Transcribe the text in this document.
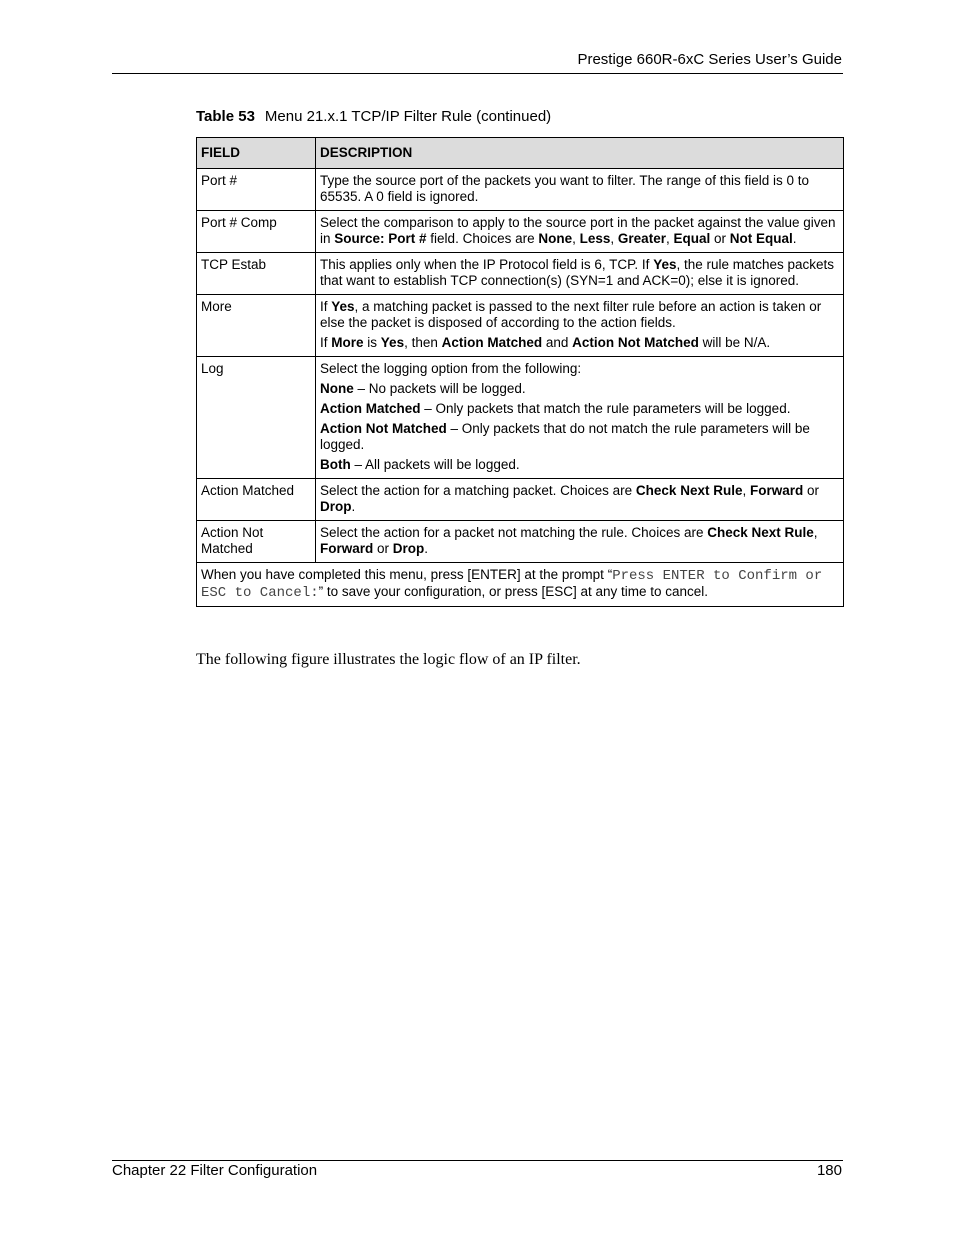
Prestige 660R-6xC Series User’s Guide
Table 53 Menu 21.x.1 TCP/IP Filter Rule (continued)
FIELD	DESCRIPTION
Port #	Type the source port of the packets you want to filter. The range of this field is 0 to 65535. A 0 field is ignored.
Port # Comp	Select the comparison to apply to the source port in the packet against the value given in Source: Port # field. Choices are None, Less, Greater, Equal or Not Equal.
TCP Estab	This applies only when the IP Protocol field is 6, TCP. If Yes, the rule matches packets that want to establish TCP connection(s) (SYN=1 and ACK=0); else it is ignored.
More	If Yes, a matching packet is passed to the next filter rule before an action is taken or else the packet is disposed of according to the action fields.

If More is Yes, then Action Matched and Action Not Matched will be N/A.

Log	Select the logging option from the following:

None – No packets will be logged.

Action Matched – Only packets that match the rule parameters will be logged.

Action Not Matched – Only packets that do not match the rule parameters will be logged.

Both – All packets will be logged.

Action Matched	Select the action for a matching packet. Choices are Check Next Rule, Forward or Drop.
Action Not Matched	Select the action for a packet not matching the rule. Choices are Check Next Rule, Forward or Drop.
When you have completed this menu, press [ENTER] at the prompt “Press ENTER to Confirm or ESC to Cancel:” to save your configuration, or press [ESC] at any time to cancel.	
The following figure illustrates the logic flow of an IP filter.
Chapter 22 Filter Configuration	180
